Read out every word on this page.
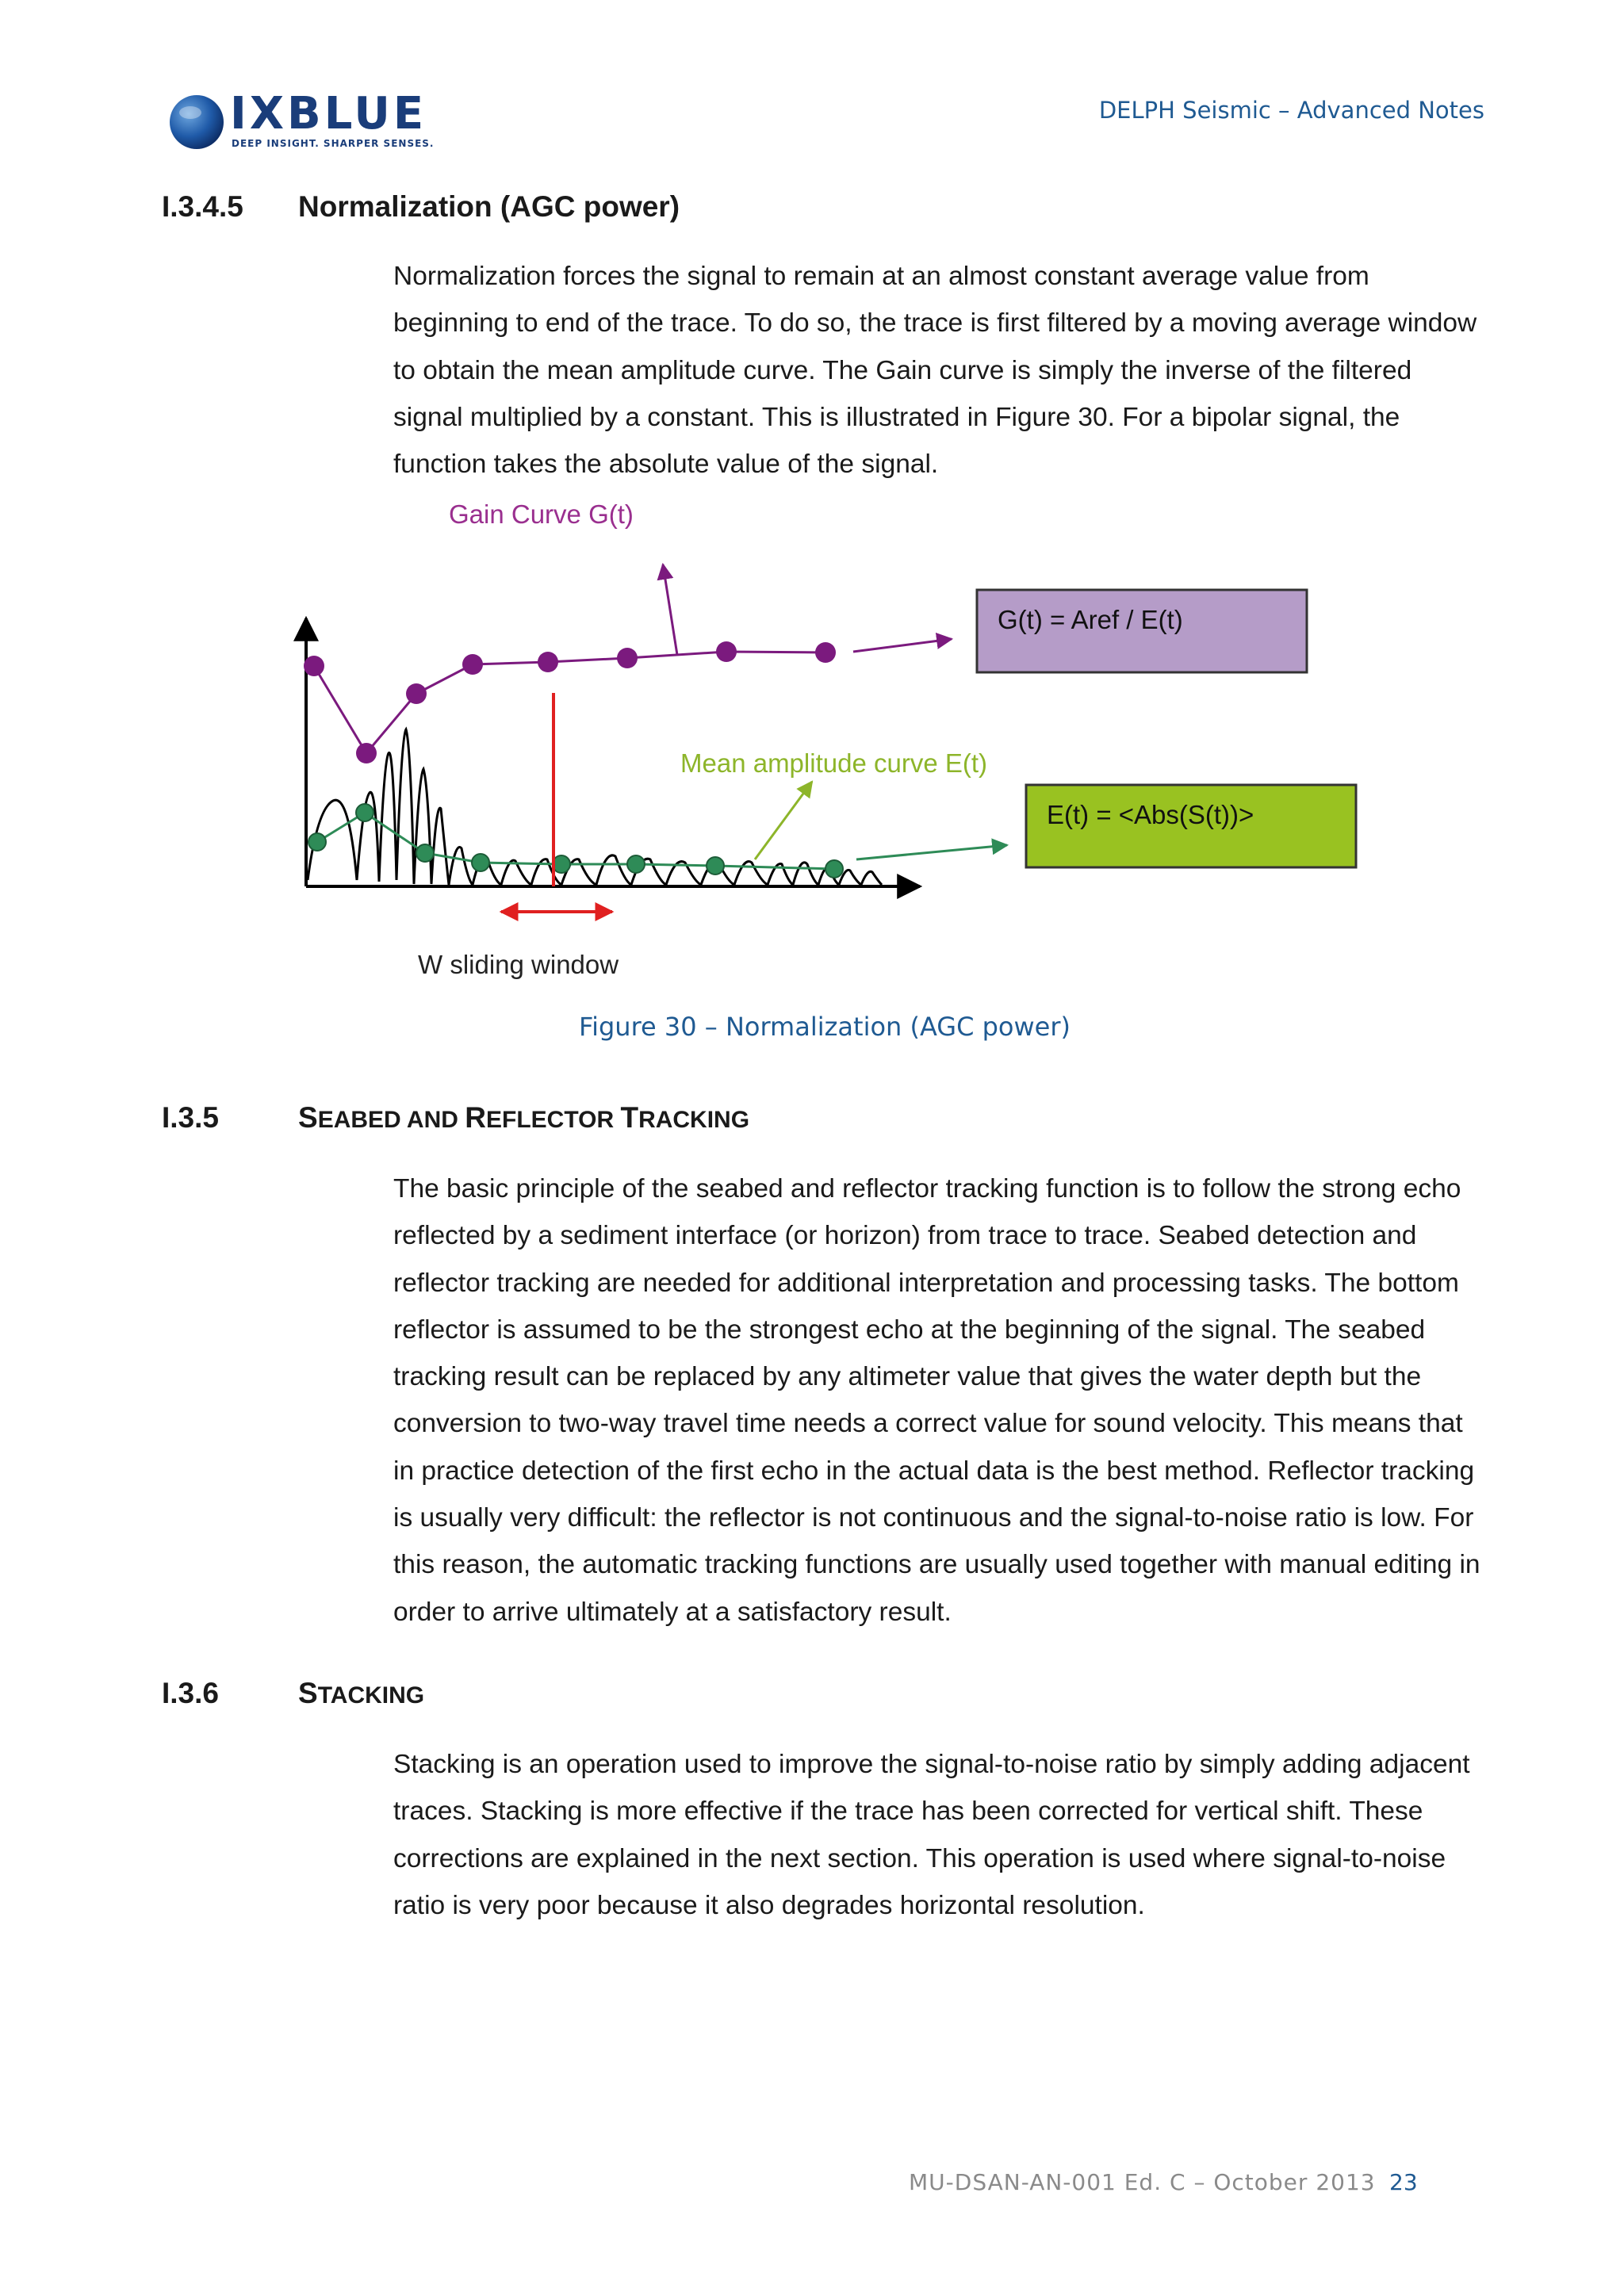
IXBLUE
DEEP INSIGHT. SHARPER SENSES.
DELPH Seismic – Advanced Notes
I.3.4.5 Normalization (AGC power)

Normalization forces the signal to remain at an almost constant average value from beginning to end of the trace. To do so, the trace is first filtered by a moving average window to obtain the mean amplitude curve. The Gain curve is simply the inverse of the filtered signal multiplied by a constant. This is illustrated in Figure 30. For a bipolar signal, the function takes the absolute value of the signal.

Gain Curve G(t)
G(t) = Aref / E(t)
Mean amplitude curve E(t)
E(t) = <Abs(S(t))>
W sliding window
Figure 30 – Normalization (AGC power)
I.3.5	SEABED AND REFLECTOR TRACKING

The basic principle of the seabed and reflector tracking function is to follow the strong echo reflected by a sediment interface (or horizon) from trace to trace. Seabed detection and reflector tracking are needed for additional interpretation and processing tasks. The bottom reflector is assumed to be the strongest echo at the beginning of the signal. The seabed tracking result can be replaced by any altimeter value that gives the water depth but the conversion to two-way travel time needs a correct value for sound velocity. This means that in practice detection of the first echo in the actual data is the best method. Reflector tracking is usually very difficult: the reflector is not continuous and the signal-to-noise ratio is low. For this reason, the automatic tracking functions are usually used together with manual editing in order to arrive ultimately at a satisfactory result.

I.3.6	STACKING

Stacking is an operation used to improve the signal-to-noise ratio by simply adding adjacent traces. Stacking is more effective if the trace has been corrected for vertical shift. These corrections are explained in the next section. This operation is used where signal-to-noise ratio is very poor because it also degrades horizontal resolution.

MU-DSAN-AN-001 Ed. C – October 2013 23
